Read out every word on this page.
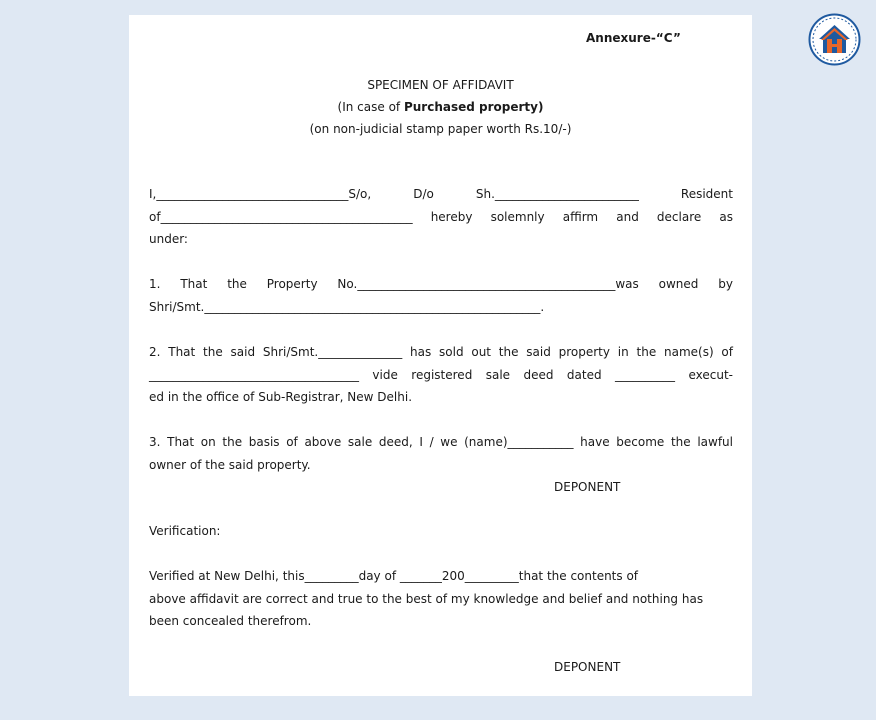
Annexure-“C”
SPECIMEN OF AFFIDAVIT
(In case of Purchased property)
(on non-judicial stamp paper worth Rs.10/-)
I,________________________________S/o, D/o Sh.________________________ Resident
of__________________________________________ hereby solemnly affirm and declare as
under:
1. That the Property No.___________________________________________was owned by
Shri/Smt.________________________________________________________.
2. That the said Shri/Smt.______________ has sold out the said property in the name(s) of
___________________________________ vide registered sale deed dated __________ execut-
ed in the office of Sub-Registrar, New Delhi.
3. That on the basis of above sale deed, I / we (name)___________ have become the lawful
owner of the said property.
DEPONENT
Verification:
Verified at New Delhi, this_________day of _______200_________that the contents of
above affidavit are correct and true to the best of my knowledge and belief and nothing has
been concealed therefrom.
DEPONENT
